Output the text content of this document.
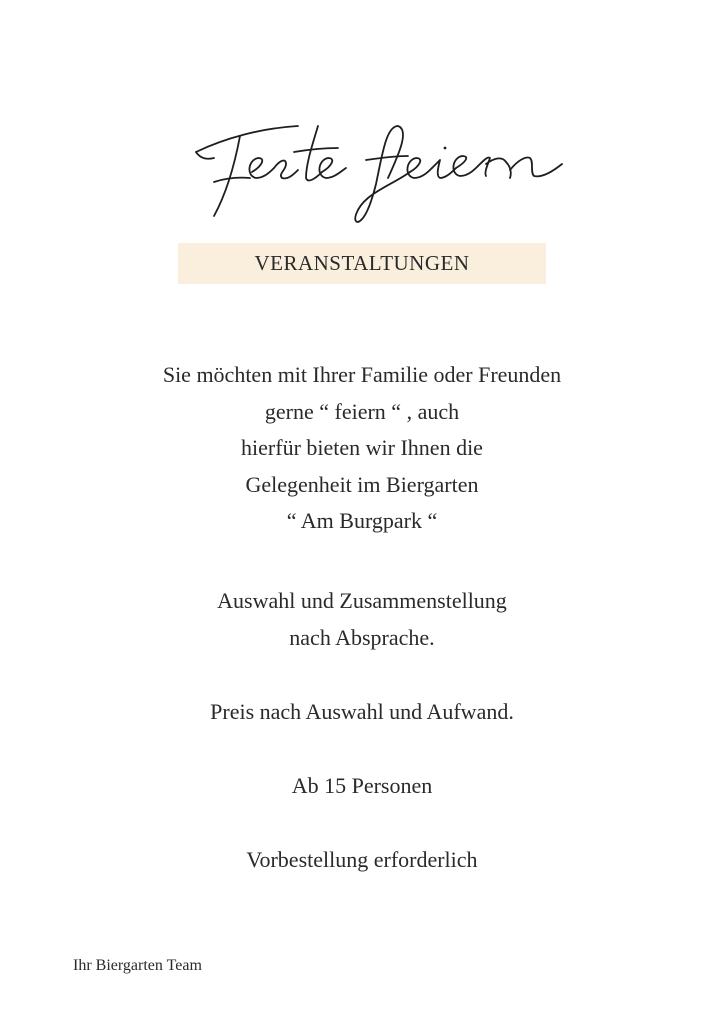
VERANSTALTUNGEN
Sie möchten mit Ihrer Familie oder Freunden
gerne “ feiern “ , auch
hierfür bieten wir Ihnen die
Gelegenheit im Biergarten
“ Am Burgpark “
Auswahl und Zusammenstellung
nach Absprache.
Preis nach Auswahl und Aufwand.
Ab 15 Personen
Vorbestellung erforderlich
Ihr Biergarten Team
